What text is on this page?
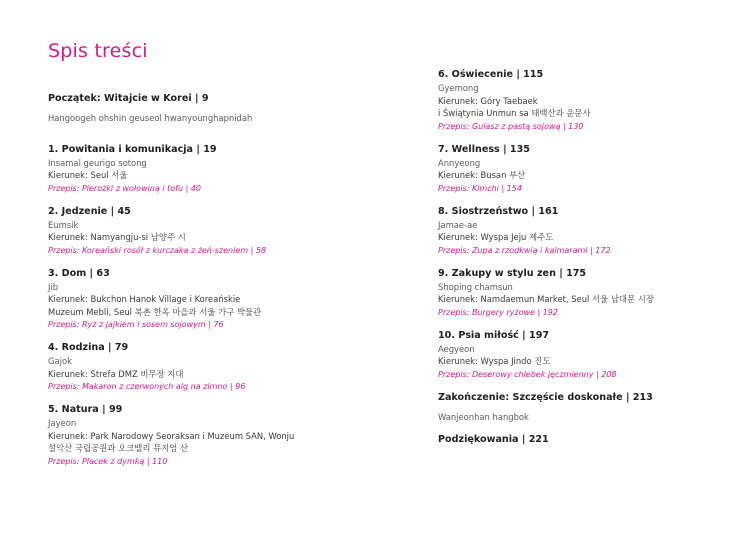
Spis treści
Początek: Witajcie w Korei | 9
Hangoogeh ohshin geuseol hwanyounghapnidah
1. Powitania i komunikacja | 19
Insamal geurigo sotong
Kierunek: Seul 서울
Przepis: Pierożki z wołowiną i tofu | 40
2. Jedzenie | 45
Eumsik
Kierunek: Namyangju-si 남양주 시
Przepis: Koreański rosół z kurczaka z żeń-szeniem | 58
3. Dom | 63
Jib
Kierunek: Bukchon Hanok Village i Koreańskie
Muzeum Mebli, Seul 북촌 한옥 마을과 서울 가구 박물관
Przepis: Ryż z jajkiem i sosem sojowym | 76
4. Rodzina | 79
Gajok
Kierunek: Strefa DMZ 비무장 지대
Przepis: Makaron z czerwonych alg na zimno | 96
5. Natura | 99
Jayeon
Kierunek: Park Narodowy Seoraksan i Muzeum SAN, Wonju
설악산 국립공원과 오크밸리 뮤지엄 산
Przepis: Placek z dymką | 110
6. Oświecenie | 115
Gyemong
Kierunek: Góry Taebaek
i Świątynia Unmun sa 태백산과 운문사
Przepis: Gulasz z pastą sojową | 130
7. Wellness | 135
Annyeong
Kierunek: Busan 부산
Przepis: Kimchi | 154
8. Siostrzeństwo | 161
Jamae-ae
Kierunek: Wyspa Jeju 제주도
Przepis: Zupa z rzodkwią i kalmarami | 172
9. Zakupy w stylu zen | 175
Shoping chamsun
Kierunek: Namdaemun Market, Seul 서울 남대문 시장
Przepis: Burgery ryżowe | 192
10. Psia miłość | 197
Aegyeon
Kierunek: Wyspa Jindo 진도
Przepis: Deserowy chlebek jęczmienny | 208
Zakończenie: Szczęście doskonałe | 213
Wanjeonhan hangbok
Podziękowania | 221
